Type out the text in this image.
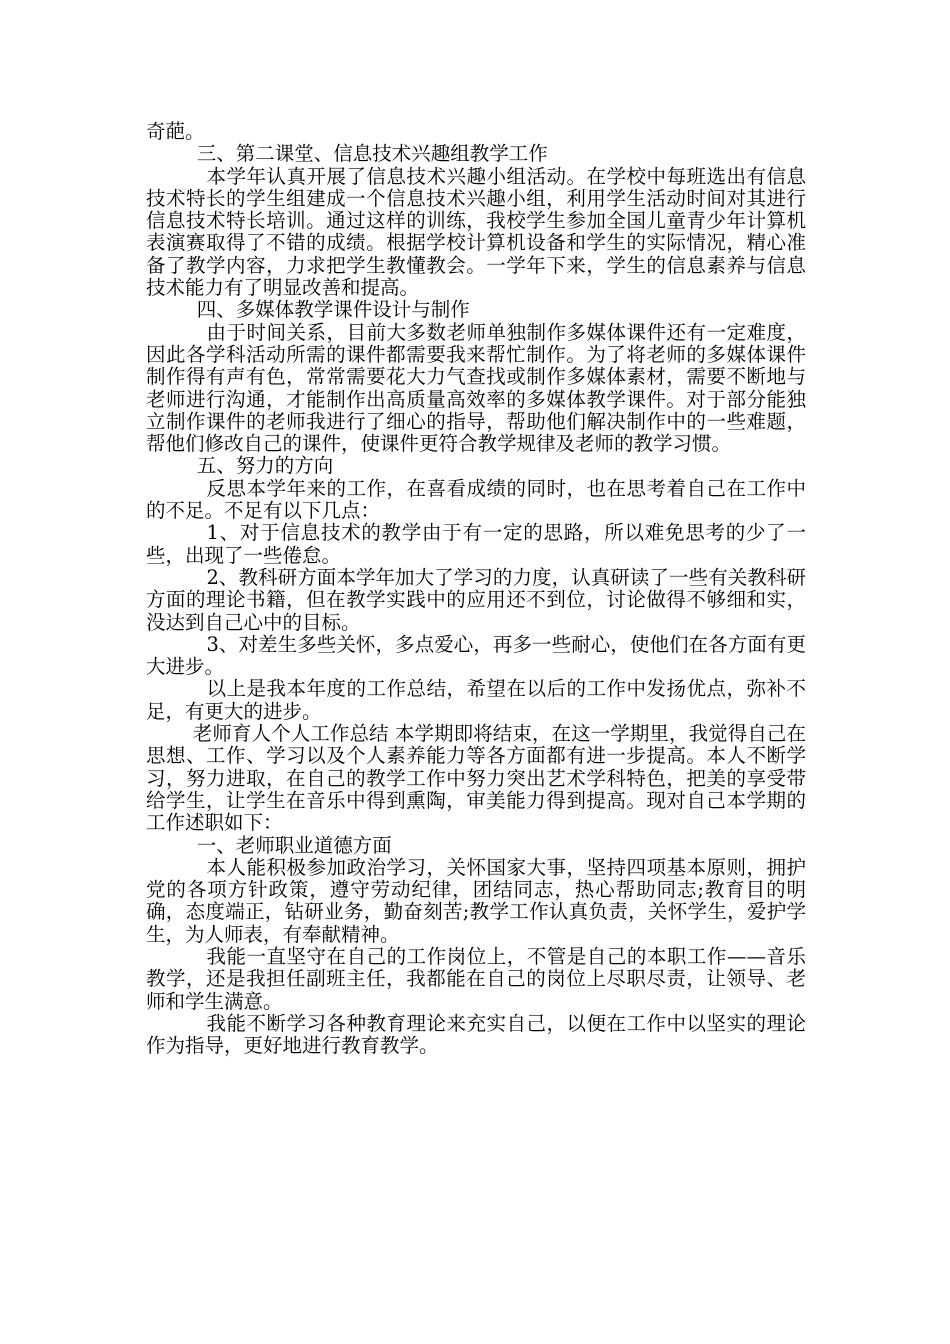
奇葩。

三、第二课堂、信息技术兴趣组教学工作

本学年认真开展了信息技术兴趣小组活动。在学校中每班选出有信息技术特长的学生组建成一个信息技术兴趣小组，利用学生活动时间对其进行信息技术特长培训。通过这样的训练，我校学生参加全国儿童青少年计算机表演赛取得了不错的成绩。根据学校计算机设备和学生的实际情况，精心准备了教学内容，力求把学生教懂教会。一学年下来，学生的信息素养与信息技术能力有了明显改善和提高。

四、多媒体教学课件设计与制作

由于时间关系，目前大多数老师单独制作多媒体课件还有一定难度，因此各学科活动所需的课件都需要我来帮忙制作。为了将老师的多媒体课件制作得有声有色，常常需要花大力气查找或制作多媒体素材，需要不断地与老师进行沟通，才能制作出高质量高效率的多媒体教学课件。对于部分能独立制作课件的老师我进行了细心的指导，帮助他们解决制作中的一些难题，帮他们修改自己的课件，使课件更符合教学规律及老师的教学习惯。

五、努力的方向

反思本学年来的工作，在喜看成绩的同时，也在思考着自己在工作中的不足。不足有以下几点：

1、对于信息技术的教学由于有一定的思路，所以难免思考的少了一些，出现了一些倦怠。

2、教科研方面本学年加大了学习的力度，认真研读了一些有关教科研方面的理论书籍，但在教学实践中的应用还不到位，讨论做得不够细和实，没达到自己心中的目标。

3、对差生多些关怀，多点爱心，再多一些耐心，使他们在各方面有更大进步。

以上是我本年度的工作总结，希望在以后的工作中发扬优点，弥补不足，有更大的进步。

老师育人个人工作总结 本学期即将结束，在这一学期里，我觉得自己在思想、工作、学习以及个人素养能力等各方面都有进一步提高。本人不断学习，努力进取，在自己的教学工作中努力突出艺术学科特色，把美的享受带给学生，让学生在音乐中得到熏陶，审美能力得到提高。现对自己本学期的工作述职如下：

一、老师职业道德方面

本人能积极参加政治学习，关怀国家大事，坚持四项基本原则，拥护党的各项方针政策，遵守劳动纪律，团结同志，热心帮助同志;教育目的明确，态度端正，钻研业务，勤奋刻苦;教学工作认真负责，关怀学生，爱护学生，为人师表，有奉献精神。

我能一直坚守在自己的工作岗位上，不管是自己的本职工作——音乐教学，还是我担任副班主任，我都能在自己的岗位上尽职尽责，让领导、老师和学生满意。

我能不断学习各种教育理论来充实自己，以便在工作中以坚实的理论作为指导，更好地进行教育教学。
